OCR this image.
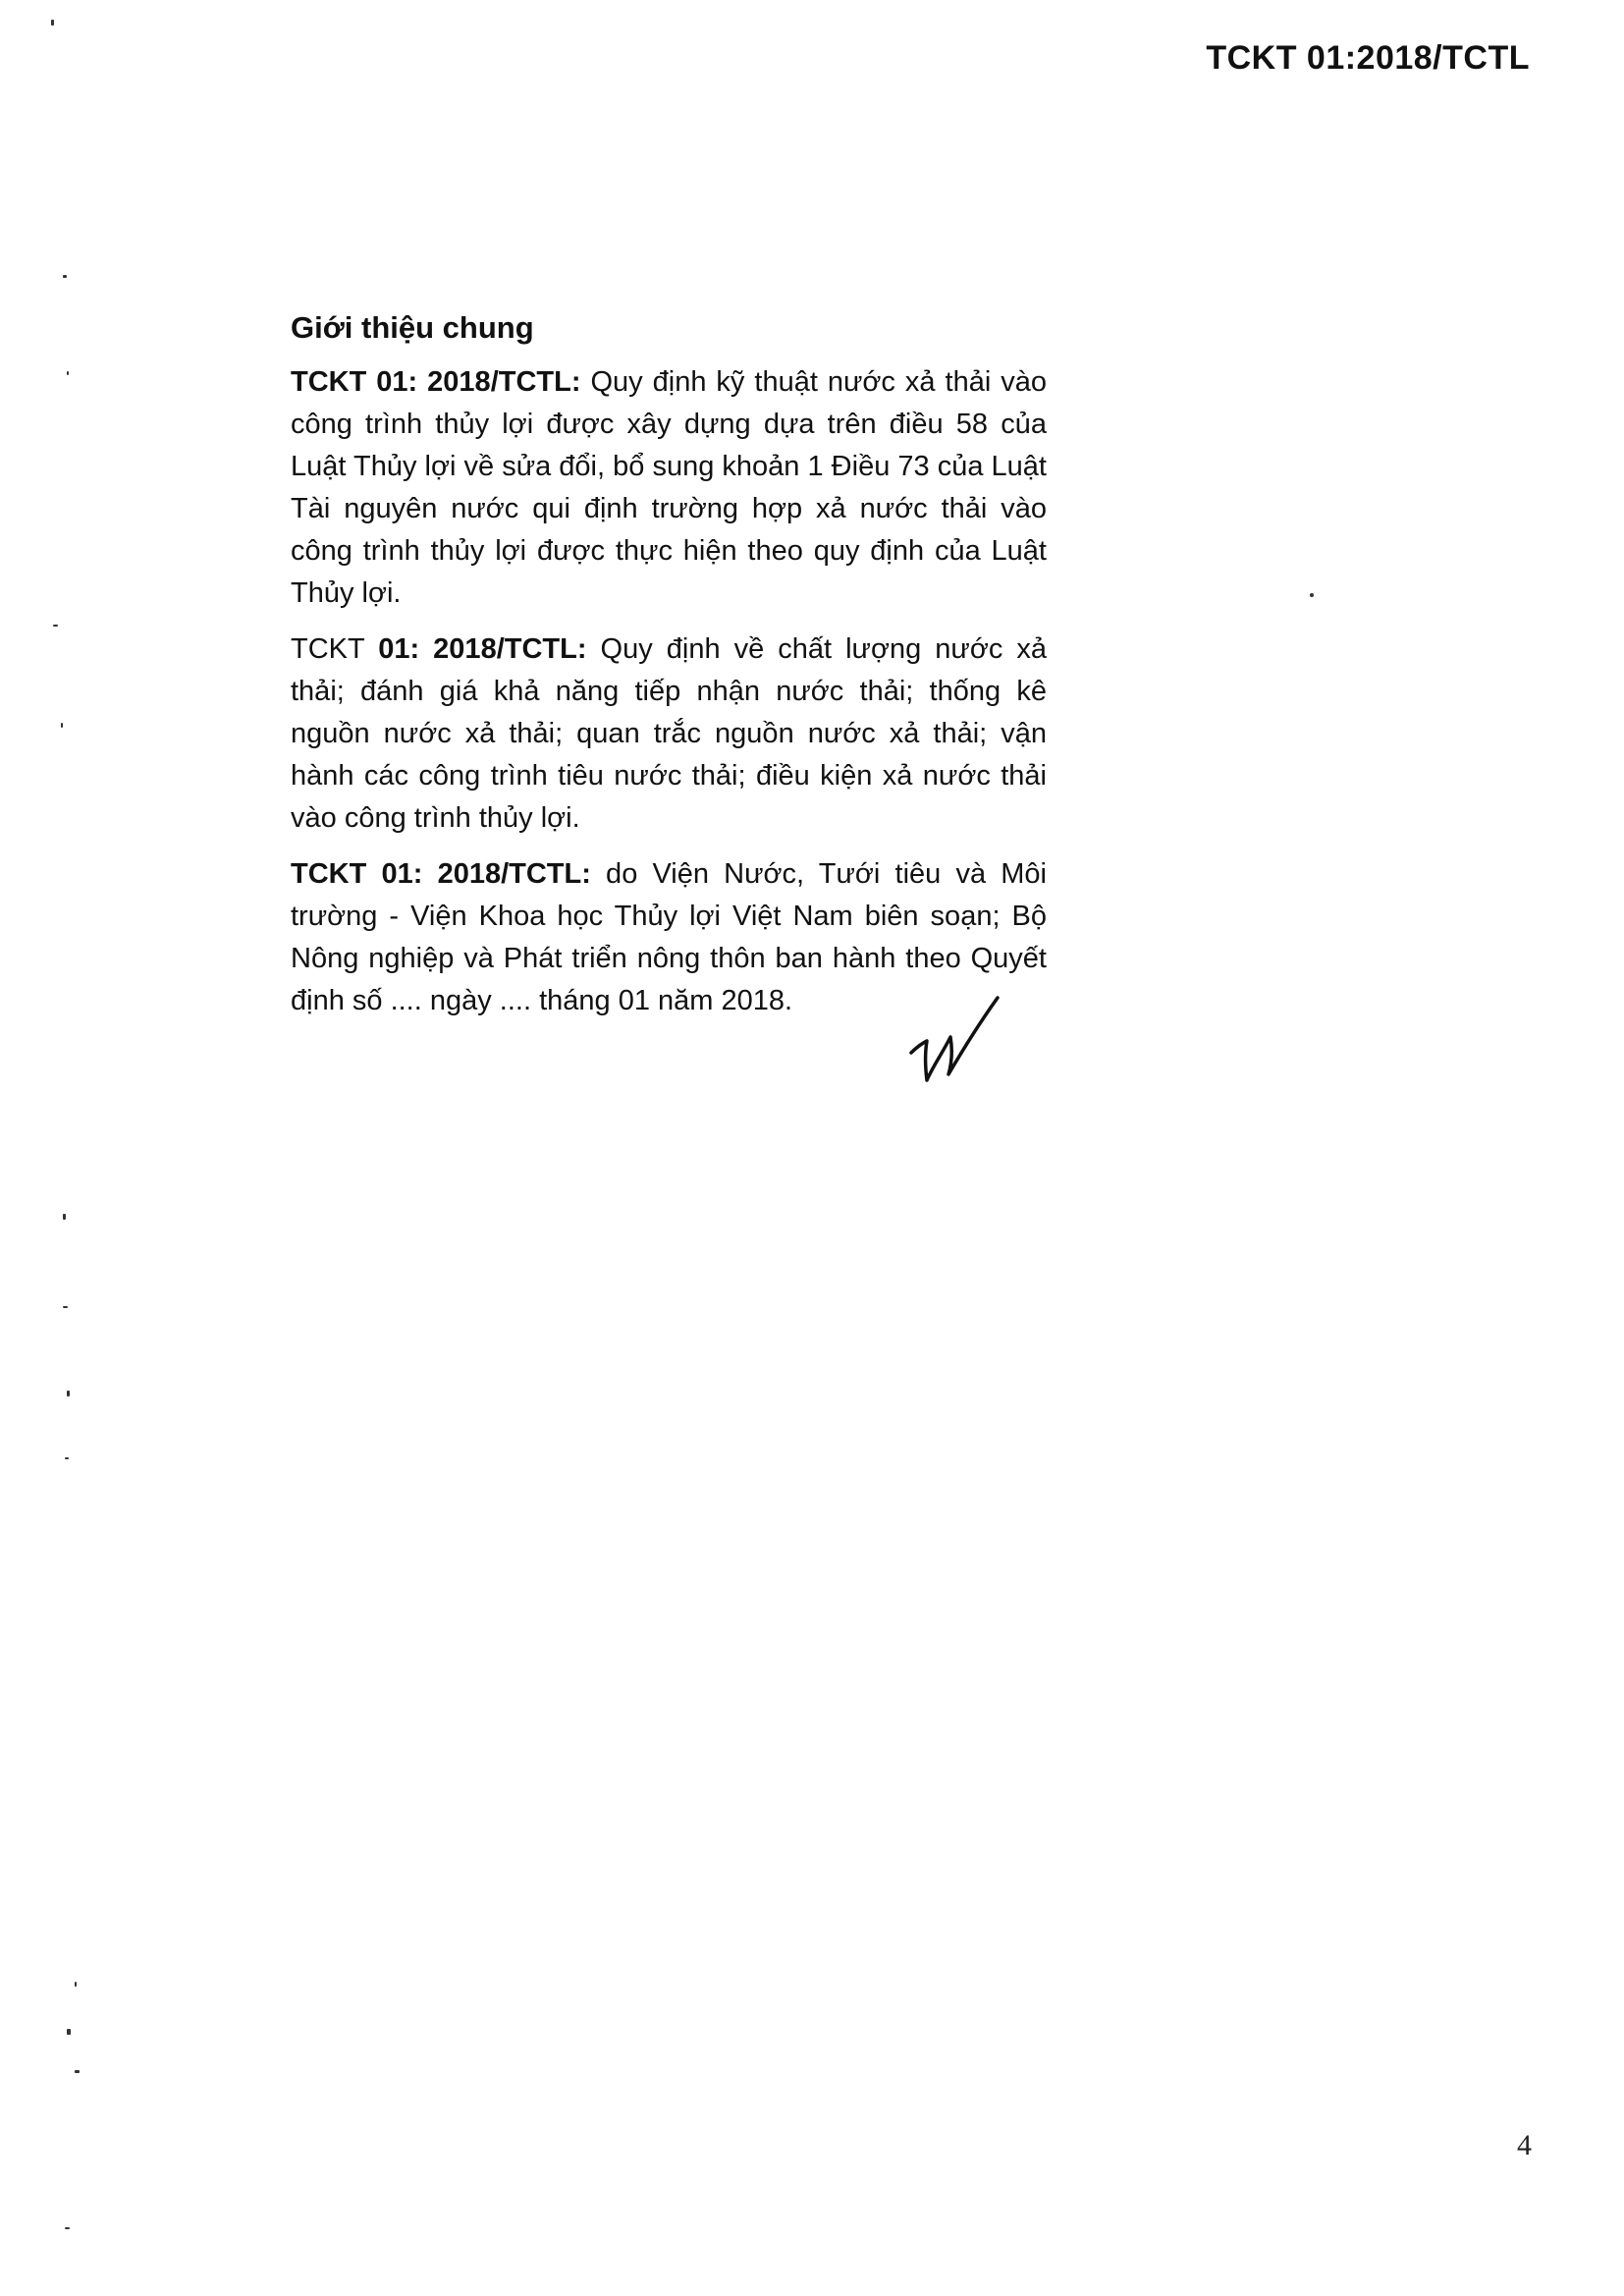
TCKT 01:2018/TCTL
Giới thiệu chung

TCKT 01: 2018/TCTL: Quy định kỹ thuật nước xả thải vào công trình thủy lợi được xây dựng dựa trên điều 58 của Luật Thủy lợi về sửa đổi, bổ sung khoản 1 Điều 73 của Luật Tài nguyên nước qui định trường hợp xả nước thải vào công trình thủy lợi được thực hiện theo quy định của Luật Thủy lợi.

TCKT 01: 2018/TCTL: Quy định về chất lượng nước xả thải; đánh giá khả năng tiếp nhận nước thải; thống kê nguồn nước xả thải; quan trắc nguồn nước xả thải; vận hành các công trình tiêu nước thải; điều kiện xả nước thải vào công trình thủy lợi.

TCKT 01: 2018/TCTL: do Viện Nước, Tưới tiêu và Môi trường - Viện Khoa học Thủy lợi Việt Nam biên soạn; Bộ Nông nghiệp và Phát triển nông thôn ban hành theo Quyết định số .... ngày .... tháng 01 năm 2018.

4
